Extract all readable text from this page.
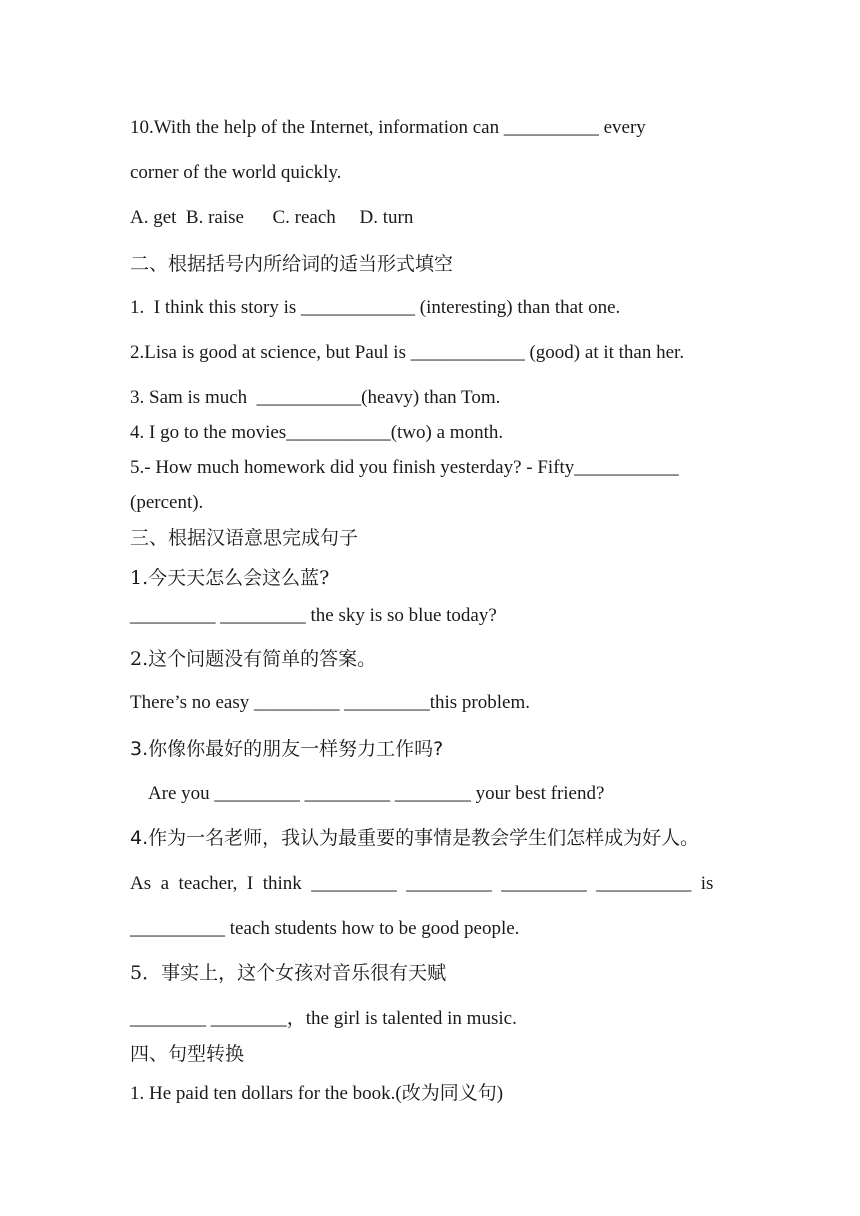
10.With the help of the Internet, information can __________ every
corner of the world quickly.
A. get  B. raise      C. reach     D. turn
二、根据括号内所给词的适当形式填空
1.  I think this story is ____________ (interesting) than that one.
2.Lisa is good at science, but Paul is ____________ (good) at it than her.
3. Sam is much  ___________(heavy) than Tom.
4. I go to the movies___________(two) a month.
5.- How much homework did you finish yesterday? - Fifty___________
(percent).
三、根据汉语意思完成句子
1.今天天怎么会这么蓝?
_________ _________ the sky is so blue today?
2.这个问题没有简单的答案。
There’s no easy _________ _________this problem.
3.你像你最好的朋友一样努力工作吗?
Are you _________ _________ ________ your best friend?
4.作为一名老师，我认为最重要的事情是教会学生们怎样成为好人。
As  a  teacher,  I  think  _________  _________  _________  __________  is
__________ teach students how to be good people.
5．事实上，这个女孩对音乐很有天赋
________ ________，the girl is talented in music.
四、句型转换
1. He paid ten dollars for the book.(改为同义句)
